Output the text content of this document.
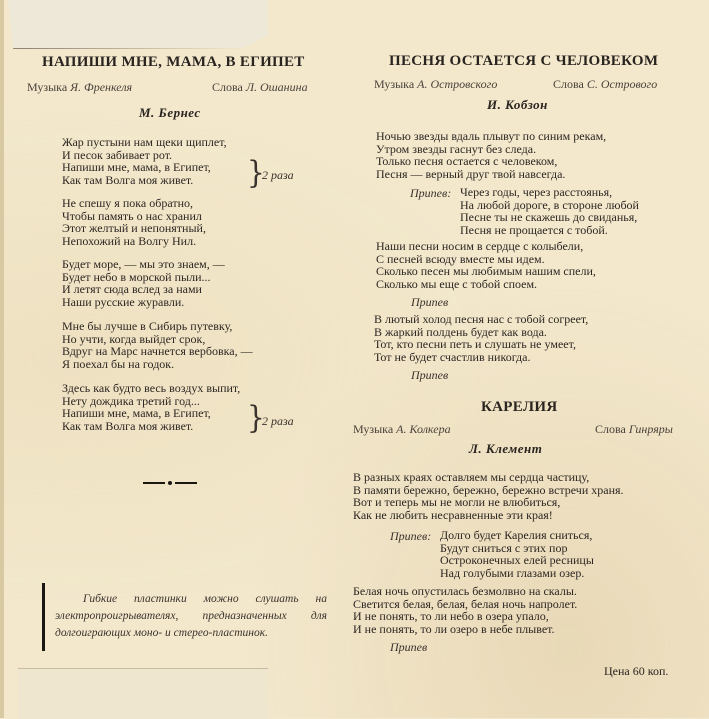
НАПИШИ МНЕ, МАМА, В ЕГИПЕТ
Музыка Я. Френкеля	Слова Л. Ошанина
М. Бернес
Жар пустыни нам щеки щиплет,
И песок забивает рот.
Напиши мне, мама, в Египет,
Как там Волга моя живет.	}
2 раза
Не спешу я пока обратно,
Чтобы память о нас хранил
Этот желтый и непонятный,
Непохожий на Волгу Нил.
Будет море, — мы это знаем, —
Будет небо в морской пыли...
И летят сюда вслед за нами
Наши русские журавли.
Мне бы лучше в Сибирь путевку,
Но учти, когда выйдет срок,
Вдруг на Марс начнется вербовка, —
Я поехал бы на годок.
Здесь как будто весь воздух выпит,
Нету дождика третий год...
Напиши мне, мама, в Египет,
Как там Волга моя живет.	}
2 раза
Гибкие пластинки можно слушать на электропроигрывателях, предназначенных для долгоиграющих моно- и стерео-пластинок.
ПЕСНЯ ОСТАЕТСЯ С ЧЕЛОВЕКОМ
Музыка А. Островского	Слова С. Острового
И. Кобзон
Ночью звезды вдаль плывут по синим рекам,
Утром звезды гаснут без следа.
Только песня остается с человеком,
Песня — верный друг твой навсегда.
Припев: Через годы, через расстоянья,
На любой дороге, в стороне любой
Песне ты не скажешь до свиданья,
Песня не прощается с тобой.
Наши песни носим в сердце с колыбели,
С песней всюду вместе мы идем.
Сколько песен мы любимым нашим спели,
Сколько мы еще с тобой споем.
Припев
В лютый холод песня нас с тобой согреет,
В жаркий полдень будет как вода.
Тот, кто песни петь и слушать не умеет,
Тот не будет счастлив никогда.
Припев
КАРЕЛИЯ
Музыка А. Колкера	Слова Гинряры
Л. Клемент
В разных краях оставляем мы сердца частицу,
В памяти бережно, бережно, бережно встречи храня.
Вот и теперь мы не могли не влюбиться,
Как не любить несравненные эти края!
Припев: Долго будет Карелия сниться,
Будут сниться с этих пор
Остроконечных елей ресницы
Над голубыми глазами озер.
Белая ночь опустилась безмолвно на скалы.
Светится белая, белая, белая ночь напролет.
И не понять, то ли небо в озера упало,
И не понять, то ли озеро в небе плывет.
Припев
Цена 60 коп.
